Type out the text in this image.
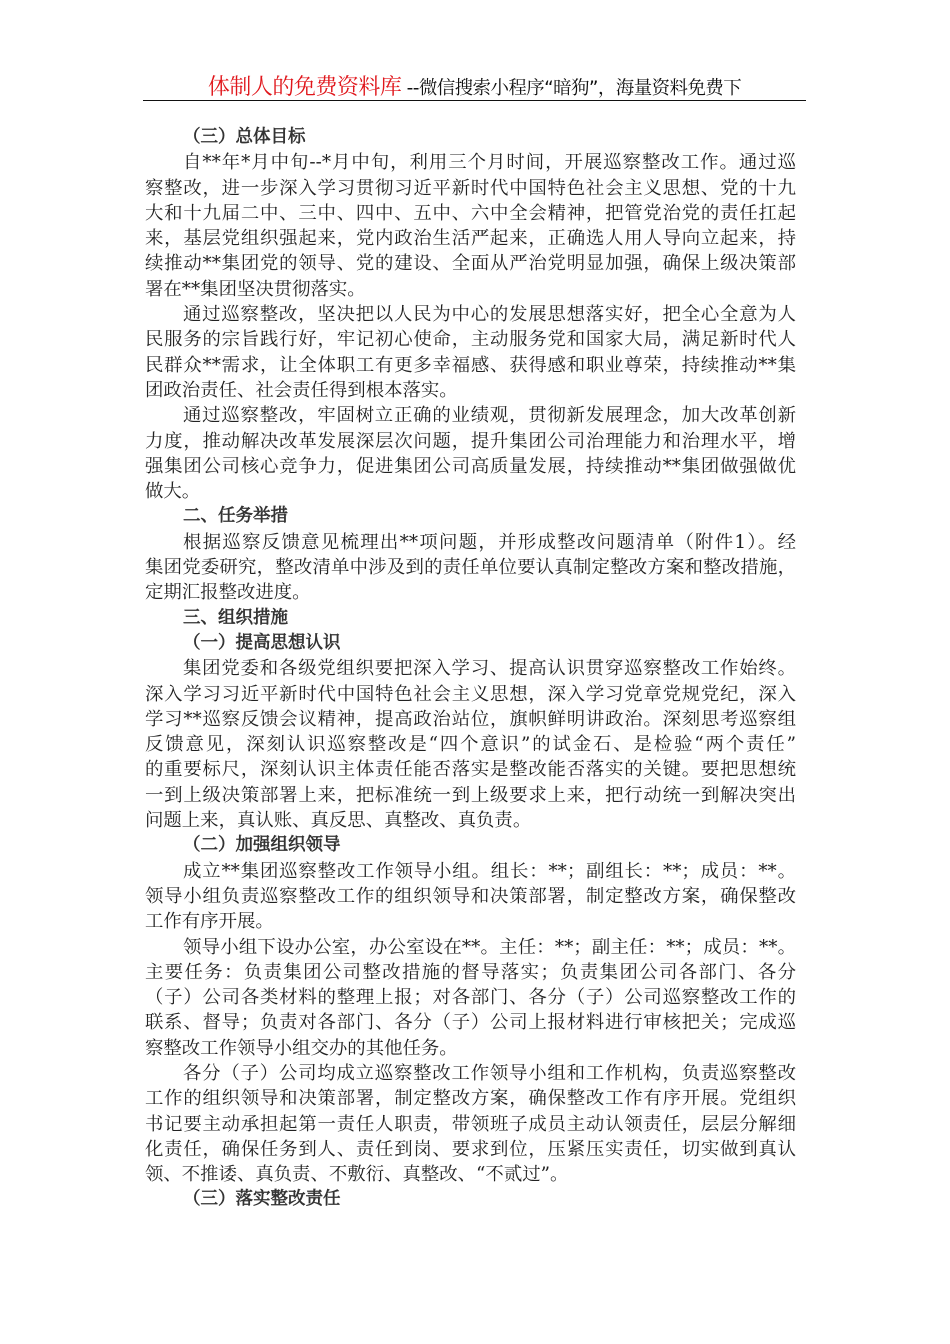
体制人的免费资料库 --微信搜索小程序“暗狗”，海量资料免费下
（三）总体目标
自**年*月中旬--*月中旬，利用三个月时间，开展巡察整改工作。通过巡
察整改，进一步深入学习贯彻习近平新时代中国特色社会主义思想、党的十九
大和十九届二中、三中、四中、五中、六中全会精神，把管党治党的责任扛起
来，基层党组织强起来，党内政治生活严起来，正确选人用人导向立起来，持
续推动**集团党的领导、党的建设、全面从严治党明显加强，确保上级决策部
署在**集团坚决贯彻落实。
通过巡察整改，坚决把以人民为中心的发展思想落实好，把全心全意为人
民服务的宗旨践行好，牢记初心使命，主动服务党和国家大局，满足新时代人
民群众**需求，让全体职工有更多幸福感、获得感和职业尊荣，持续推动**集
团政治责任、社会责任得到根本落实。
通过巡察整改，牢固树立正确的业绩观，贯彻新发展理念，加大改革创新
力度，推动解决改革发展深层次问题，提升集团公司治理能力和治理水平，增
强集团公司核心竞争力，促进集团公司高质量发展，持续推动**集团做强做优
做大。
二、任务举措
根据巡察反馈意见梳理出**项问题，并形成整改问题清单（附件1）。经
集团党委研究，整改清单中涉及到的责任单位要认真制定整改方案和整改措施，
定期汇报整改进度。
三、组织措施
（一）提高思想认识
集团党委和各级党组织要把深入学习、提高认识贯穿巡察整改工作始终。
深入学习习近平新时代中国特色社会主义思想，深入学习党章党规党纪，深入
学习**巡察反馈会议精神，提高政治站位，旗帜鲜明讲政治。深刻思考巡察组
反馈意见，深刻认识巡察整改是“四个意识”的试金石、是检验“两个责任”
的重要标尺，深刻认识主体责任能否落实是整改能否落实的关键。要把思想统
一到上级决策部署上来，把标准统一到上级要求上来，把行动统一到解决突出
问题上来，真认账、真反思、真整改、真负责。
（二）加强组织领导
成立**集团巡察整改工作领导小组。组长：**；副组长：**；成员：**。
领导小组负责巡察整改工作的组织领导和决策部署，制定整改方案，确保整改
工作有序开展。
领导小组下设办公室，办公室设在**。主任：**；副主任：**；成员：**。
主要任务：负责集团公司整改措施的督导落实；负责集团公司各部门、各分
（子）公司各类材料的整理上报；对各部门、各分（子）公司巡察整改工作的
联系、督导；负责对各部门、各分（子）公司上报材料进行审核把关；完成巡
察整改工作领导小组交办的其他任务。
各分（子）公司均成立巡察整改工作领导小组和工作机构，负责巡察整改
工作的组织领导和决策部署，制定整改方案，确保整改工作有序开展。党组织
书记要主动承担起第一责任人职责，带领班子成员主动认领责任，层层分解细
化责任，确保任务到人、责任到岗、要求到位，压紧压实责任，切实做到真认
领、不推诿、真负责、不敷衍、真整改、“不贰过”。
（三）落实整改责任
